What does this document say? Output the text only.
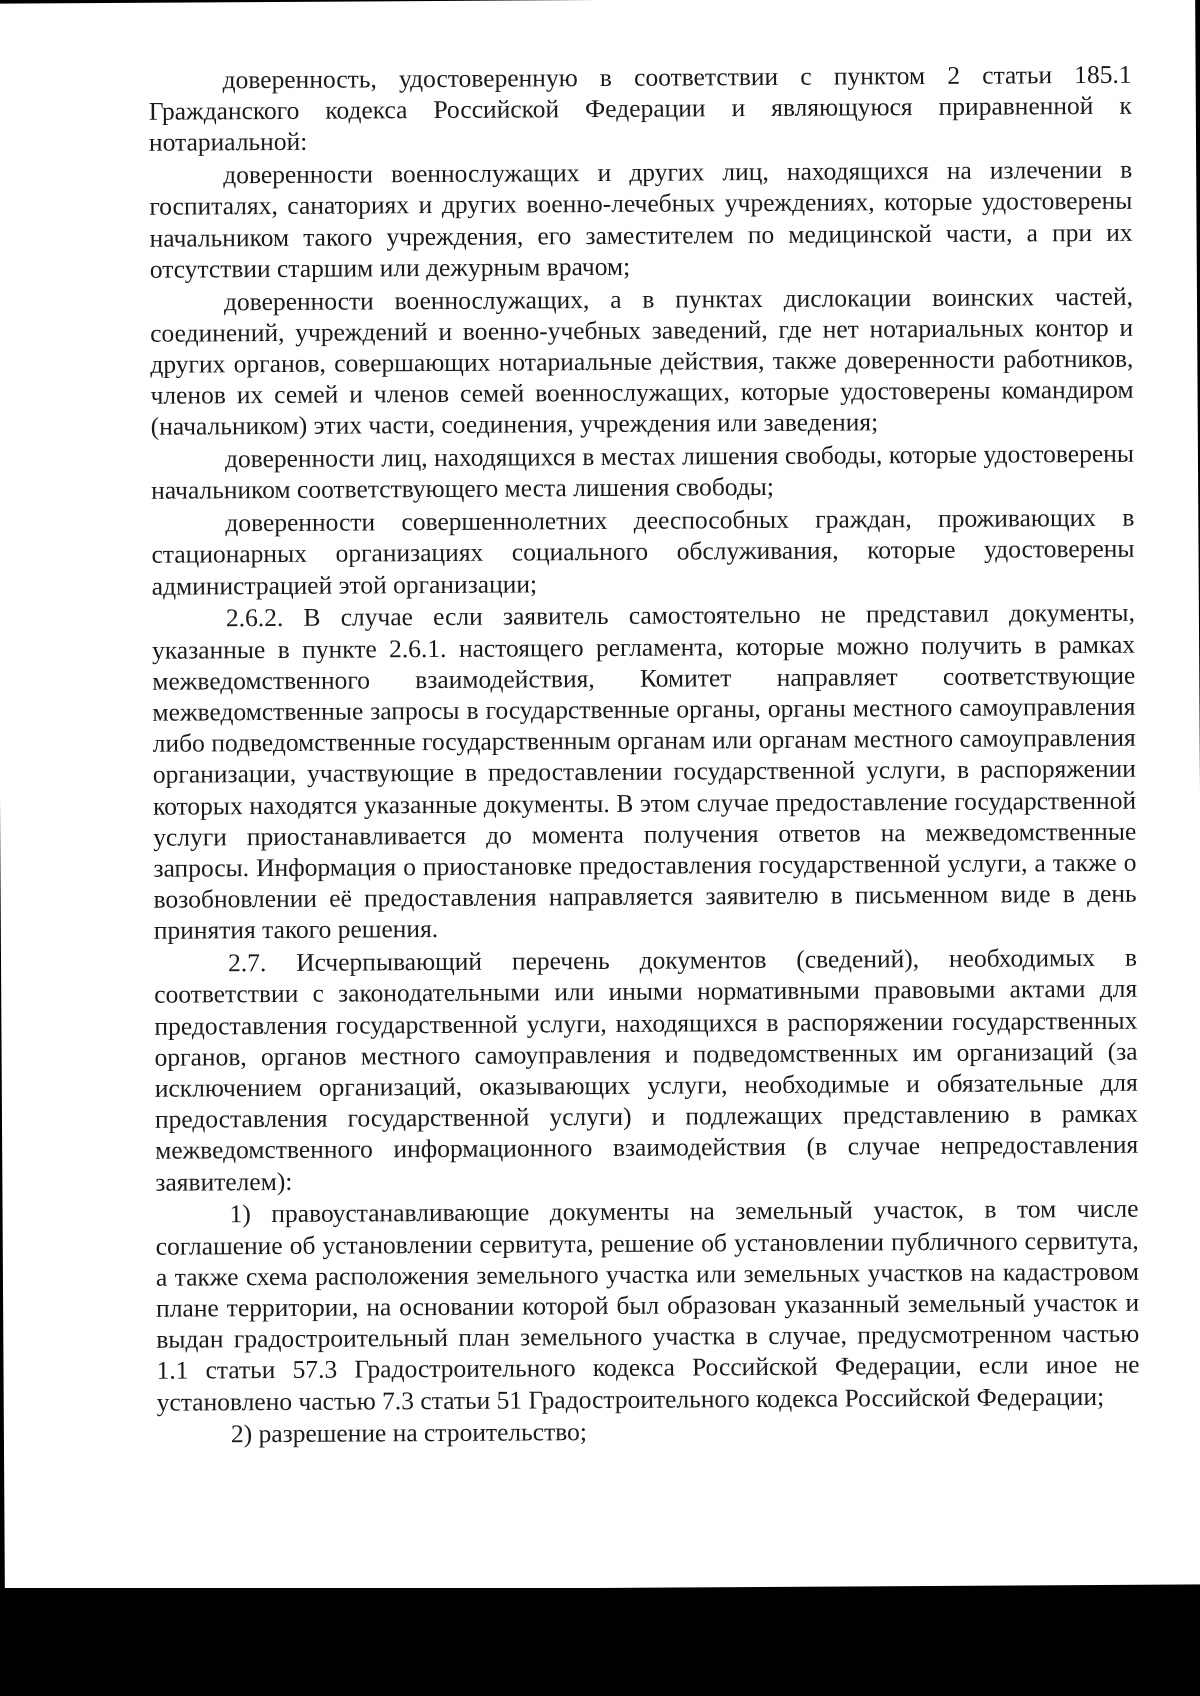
доверенность, удостоверенную в соответствии с пунктом 2 статьи 185.1 Гражданского кодекса Российской Федерации и являющуюся приравненной к нотариальной:

доверенности военнослужащих и других лиц, находящихся на излечении в госпиталях, санаториях и других военно-лечебных учреждениях, которые удостоверены начальником такого учреждения, его заместителем по медицинской части, а при их отсутствии старшим или дежурным врачом;

доверенности военнослужащих, а в пунктах дислокации воинских частей, соединений, учреждений и военно-учебных заведений, где нет нотариальных контор и других органов, совершающих нотариальные действия, также доверенности работников, членов их семей и членов семей военнослужащих, которые удостоверены командиром (начальником) этих части, соединения, учреждения или заведения;

доверенности лиц, находящихся в местах лишения свободы, которые удостоверены начальником соответствующего места лишения свободы;

доверенности совершеннолетних дееспособных граждан, проживающих в стационарных организациях социального обслуживания, которые удостоверены администрацией этой организации;

2.6.2. В случае если заявитель самостоятельно не представил документы, указанные в пункте 2.6.1. настоящего регламента, которые можно получить в рамках межведомственного взаимодействия, Комитет направляет соответствующие межведомственные запросы в государственные органы, органы местного самоуправления либо подведомственные государственным органам или органам местного самоуправления организации, участвующие в предоставлении государственной услуги, в распоряжении которых находятся указанные документы. В этом случае предоставление государственной услуги приостанавливается до момента получения ответов на межведомственные запросы. Информация о приостановке предоставления государственной услуги, а также о возобновлении её предоставления направляется заявителю в письменном виде в день принятия такого решения.

2.7. Исчерпывающий перечень документов (сведений), необходимых в соответствии с законодательными или иными нормативными правовыми актами для предоставления государственной услуги, находящихся в распоряжении государственных органов, органов местного самоуправления и подведомственных им организаций (за исключением организаций, оказывающих услуги, необходимые и обязательные для предоставления государственной услуги) и подлежащих представлению в рамках межведомственного информационного взаимодействия (в случае непредоставления заявителем):

1) правоустанавливающие документы на земельный участок, в том числе соглашение об установлении сервитута, решение об установлении публичного сервитута, а также схема расположения земельного участка или земельных участков на кадастровом плане территории, на основании которой был образован указанный земельный участок и выдан градостроительный план земельного участка в случае, предусмотренном частью 1.1 статьи 57.3 Градостроительного кодекса Российской Федерации, если иное не установлено частью 7.3 статьи 51 Градостроительного кодекса Российской Федерации;

2) разрешение на строительство;
